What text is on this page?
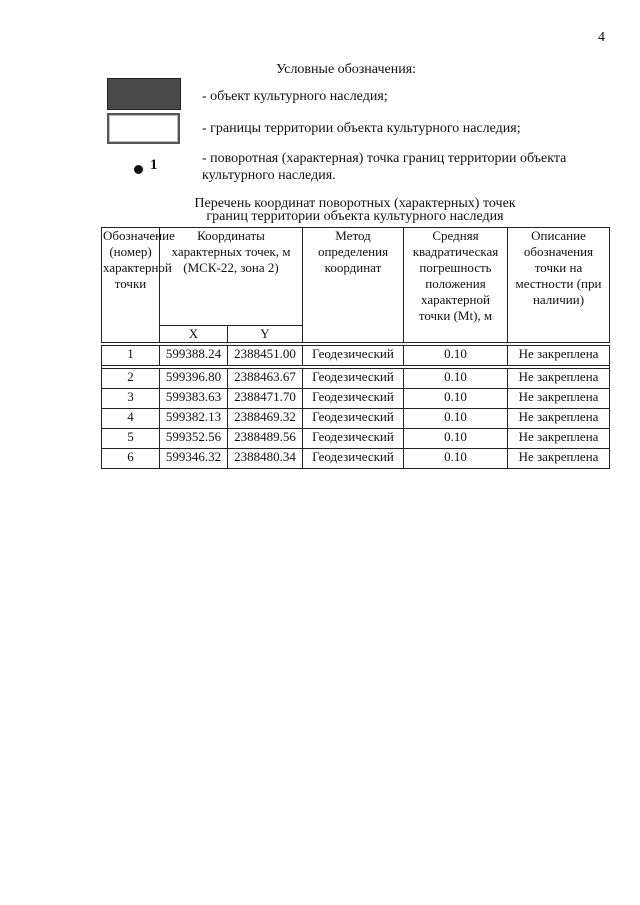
4
Условные обозначения:
- объект культурного наследия;
- границы территории объекта культурного наследия;
1	- поворотная (характерная) точка границ территории объекта культурного наследия.
Перечень координат поворотных (характерных) точек
границ территории объекта культурного наследия
Обозначение (номер) характерной точки	Координаты характерных точек, м (МСК-22, зона 2)		Метод определения координат	Средняя квадратическая погрешность положения характерной точки (Mt), м	Описание обозначения точки на местности (при наличии)
	X	Y			

1	599388.24	2388451.00	Геодезический	0.10	Не закреплена

2	599396.80	2388463.67	Геодезический	0.10	Не закреплена
3	599383.63	2388471.70	Геодезический	0.10	Не закреплена
4	599382.13	2388469.32	Геодезический	0.10	Не закреплена
5	599352.56	2388489.56	Геодезический	0.10	Не закреплена
6	599346.32	2388480.34	Геодезический	0.10	Не закреплена
